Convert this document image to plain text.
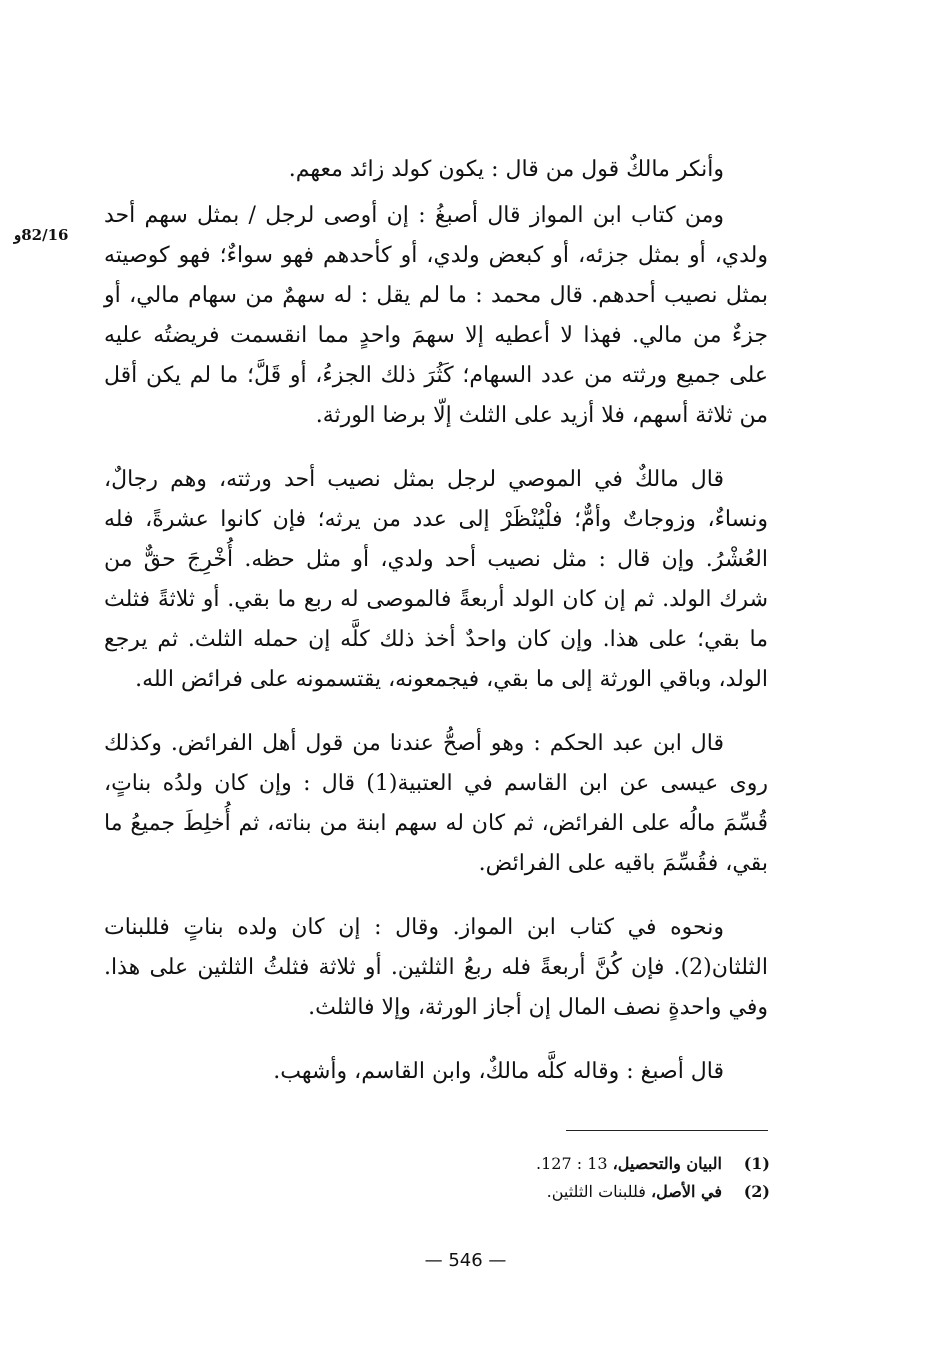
82/16و

وأنكر مالكٌ قول من قال : يكون كولد زائد معهم.

ومن كتاب ابن المواز قال أصبغُ : إن أوصى لرجل / بمثل سهم أحد ولدي، أو بمثل جزئه، أو كبعض ولدي، أو كأحدهم فهو سواءٌ؛ فهو كوصيته بمثل نصيب أحدهم. قال محمد : ما لم يقل : له سهمٌ من سهام مالي، أو جزءٌ من مالي. فهذا لا أعطيه إلا سهمَ واحدٍ مما انقسمت فريضتُه عليه على جميع ورثته من عدد السهام؛ كَثُرَ ذلك الجزءُ، أو قَلَّ؛ ما لم يكن أقل من ثلاثة أسهم، فلا أزيد على الثلث إلّا برضا الورثة.

قال مالكٌ في الموصي لرجل بمثل نصيب أحد ورثته، وهم رجالٌ، ونساءٌ، وزوجاتٌ وأمٌّ؛ فلْيُنْظَرْ إلى عدد من يرثه؛ فإن كانوا عشرةً، فله العُشْرُ. وإن قال : مثل نصيب أحد ولدي، أو مثل حظه. أُخْرِجَ حقٌّ من شرك الولد. ثم إن كان الولد أربعةً فالموصى له ربع ما بقي. أو ثلاثةً فثلث ما بقي؛ على هذا. وإن كان واحدٌ أخذ ذلك كلَّه إن حمله الثلث. ثم يرجع الولد، وباقي الورثة إلى ما بقي، فيجمعونه، يقتسمونه على فرائض الله.

قال ابن عبد الحكم : وهو أصحُّ عندنا من قول أهل الفرائض. وكذلك روى عيسى عن ابن القاسم في العتبية(1) قال : وإن كان ولدُه بناتٍ، قُسِّمَ مالُه على الفرائض، ثم كان له سهم ابنة من بناته، ثم أُخلِطَ جميعُ ما بقي، فقُسِّمَ باقيه على الفرائض.

ونحوه في كتاب ابن المواز. وقال : إن كان ولده بناتٍ فللبنات الثلثان(2). فإن كُنَّ أربعةً فله ربعُ الثلثين. أو ثلاثة فثلثُ الثلثين على هذا. وفي واحدةٍ نصف المال إن أجاز الورثة، وإلا فالثلث.

قال أصبغ : وقاله كلَّه مالكٌ، وابن القاسم، وأشهب.

(1)
البيان والتحصيل، 13 : 127.
(2)
في الأصل، فللبنات الثلثين.
— 546 —
